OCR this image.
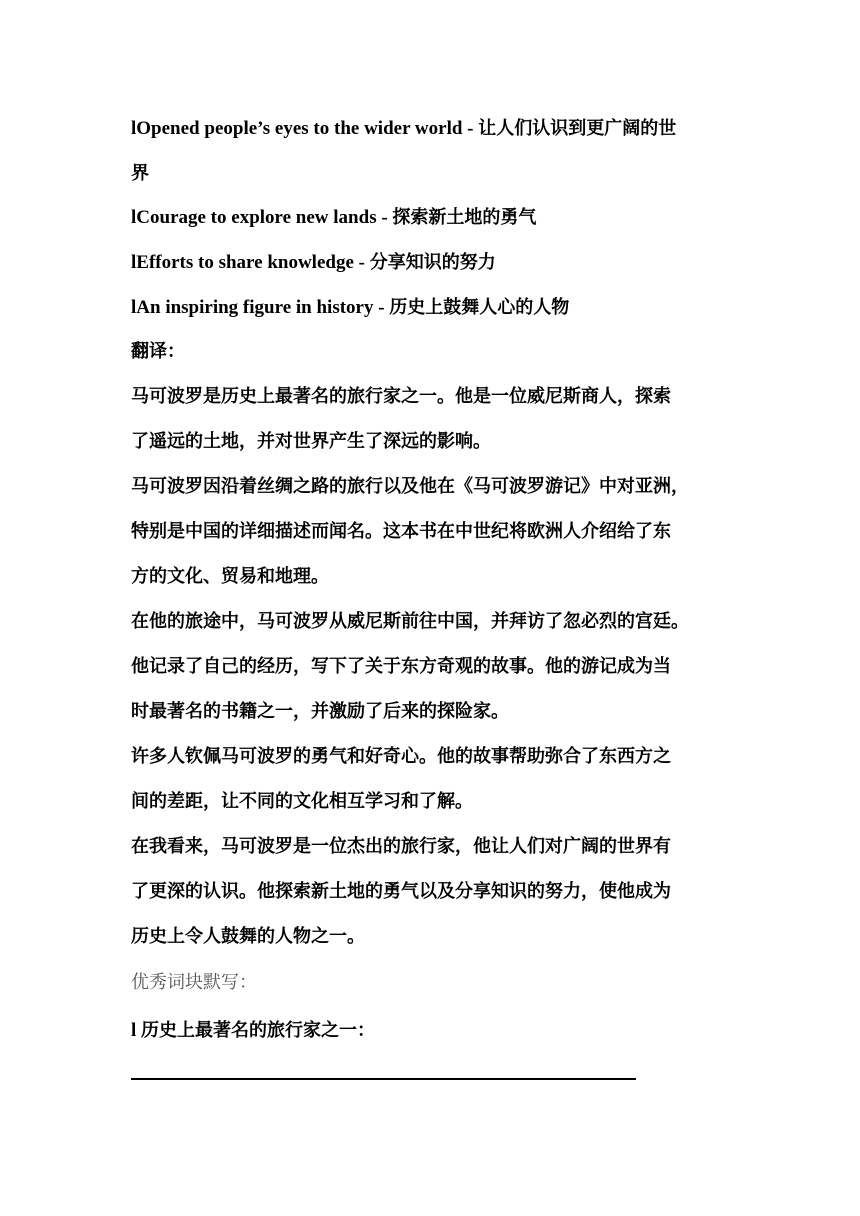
lOpened people’s eyes to the wider world - 让人们认识到更广阔的世
界
lCourage to explore new lands - 探索新土地的勇气
lEfforts to share knowledge - 分享知识的努力
lAn inspiring figure in history - 历史上鼓舞人心的人物
翻译：
马可波罗是历史上最著名的旅行家之一。他是一位威尼斯商人，探索
了遥远的土地，并对世界产生了深远的影响。
马可波罗因沿着丝绸之路的旅行以及他在《马可波罗游记》中对亚洲，
特别是中国的详细描述而闻名。这本书在中世纪将欧洲人介绍给了东
方的文化、贸易和地理。
在他的旅途中，马可波罗从威尼斯前往中国，并拜访了忽必烈的宫廷。
他记录了自己的经历，写下了关于东方奇观的故事。他的游记成为当
时最著名的书籍之一，并激励了后来的探险家。
许多人钦佩马可波罗的勇气和好奇心。他的故事帮助弥合了东西方之
间的差距，让不同的文化相互学习和了解。
在我看来，马可波罗是一位杰出的旅行家，他让人们对广阔的世界有
了更深的认识。他探索新土地的勇气以及分享知识的努力，使他成为
历史上令人鼓舞的人物之一。
优秀词块默写：
l 历史上最著名的旅行家之一：
